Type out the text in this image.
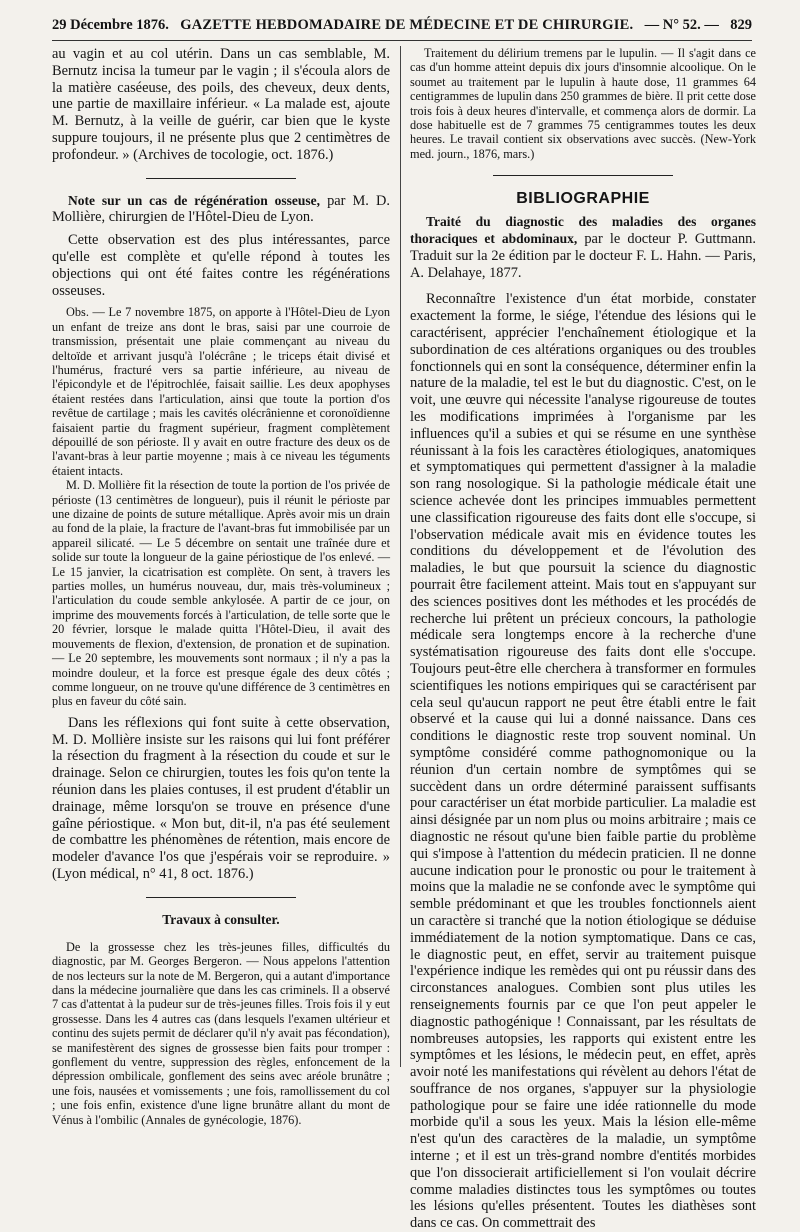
29 Décembre 1876. GAZETTE HEBDOMADAIRE DE MÉDECINE ET DE CHIRURGIE. — N° 52. — 829

au vagin et au col utérin. Dans un cas semblable, M. Bernutz incisa la tumeur par le vagin ; il s'écoula alors de la matière caséeuse, des poils, des cheveux, deux dents, une partie de maxillaire inférieur. « La malade est, ajoute M. Bernutz, à la veille de guérir, car bien que le kyste suppure toujours, il ne présente plus que 2 centimètres de profondeur. » (Archives de tocologie, oct. 1876.)

Note sur un cas de régénération osseuse, par M. D. Mollière, chirurgien de l'Hôtel-Dieu de Lyon.

Cette observation est des plus intéressantes, parce qu'elle est complète et qu'elle répond à toutes les objections qui ont été faites contre les régénérations osseuses.

Obs. — Le 7 novembre 1875, on apporte à l'Hôtel-Dieu de Lyon un enfant de treize ans dont le bras, saisi par une courroie de transmission, présentait une plaie commençant au niveau du deltoïde et arrivant jusqu'à l'olécrâne ; le triceps était divisé et l'humérus, fracturé vers sa partie inférieure, au niveau de l'épicondyle et de l'épitrochlée, faisait saillie. Les deux apophyses étaient restées dans l'articulation, ainsi que toute la portion d'os revêtue de cartilage ; mais les cavités olécrânienne et coronoïdienne faisaient partie du fragment supérieur, fragment complètement dépouillé de son périoste. Il y avait en outre fracture des deux os de l'avant-bras à leur partie moyenne ; mais à ce niveau les téguments étaient intacts.

M. D. Mollière fit la résection de toute la portion de l'os privée de périoste (13 centimètres de longueur), puis il réunit le périoste par une dizaine de points de suture métallique. Après avoir mis un drain au fond de la plaie, la fracture de l'avant-bras fut immobilisée par un appareil silicaté. — Le 5 décembre on sentait une traînée dure et solide sur toute la longueur de la gaine périostique de l'os enlevé. — Le 15 janvier, la cicatrisation est complète. On sent, à travers les parties molles, un humérus nouveau, dur, mais très-volumineux ; l'articulation du coude semble ankylosée. A partir de ce jour, on imprime des mouvements forcés à l'articulation, de telle sorte que le 20 février, lorsque le malade quitta l'Hôtel-Dieu, il avait des mouvements de flexion, d'extension, de pronation et de supination. — Le 20 septembre, les mouvements sont normaux ; il n'y a pas la moindre douleur, et la force est presque égale des deux côtés ; comme longueur, on ne trouve qu'une différence de 3 centimètres en plus en faveur du côté sain.

Dans les réflexions qui font suite à cette observation, M. D. Mollière insiste sur les raisons qui lui font préférer la résection du fragment à la résection du coude et sur le drainage. Selon ce chirurgien, toutes les fois qu'on tente la réunion dans les plaies contuses, il est prudent d'établir un drainage, même lorsqu'on se trouve en présence d'une gaîne périostique. « Mon but, dit-il, n'a pas été seulement de combattre les phénomènes de rétention, mais encore de modeler d'avance l'os que j'espérais voir se reproduire. » (Lyon médical, n° 41, 8 oct. 1876.)

Travaux à consulter.

De la grossesse chez les très-jeunes filles, difficultés du diagnostic, par M. Georges Bergeron. — Nous appelons l'attention de nos lecteurs sur la note de M. Bergeron, qui a autant d'importance dans la médecine journalière que dans les cas criminels. Il a observé 7 cas d'attentat à la pudeur sur de très-jeunes filles. Trois fois il y eut grossesse. Dans les 4 autres cas (dans lesquels l'examen ultérieur et continu des sujets permit de déclarer qu'il n'y avait pas fécondation), se manifestèrent des signes de grossesse bien faits pour tromper : gonflement du ventre, suppression des règles, enfoncement de la dépression ombilicale, gonflement des seins avec aréole brunâtre ; une fois, nausées et vomissements ; une fois, ramollissement du col ; une fois enfin, existence d'une ligne brunâtre allant du mont de Vénus à l'ombilic (Annales de gynécologie, 1876).

Traitement du délirium tremens par le lupulin. — Il s'agit dans ce cas d'un homme atteint depuis dix jours d'insomnie alcoolique. On le soumet au traitement par le lupulin à haute dose, 11 grammes 64 centigrammes de lupulin dans 250 grammes de bière. Il prit cette dose trois fois à deux heures d'intervalle, et commença alors de dormir. La dose habituelle est de 7 grammes 75 centigrammes toutes les deux heures. Le travail contient six observations avec succès. (New-York med. journ., 1876, mars.)

BIBLIOGRAPHIE

Traité du diagnostic des maladies des organes thoraciques et abdominaux, par le docteur P. Guttmann. Traduit sur la 2e édition par le docteur F. L. Hahn. — Paris, A. Delahaye, 1877.

Reconnaître l'existence d'un état morbide, constater exactement la forme, le siége, l'étendue des lésions qui le caractérisent, apprécier l'enchaînement étiologique et la subordination de ces altérations organiques ou des troubles fonctionnels qui en sont la conséquence, déterminer enfin la nature de la maladie, tel est le but du diagnostic. C'est, on le voit, une œuvre qui nécessite l'analyse rigoureuse de toutes les modifications imprimées à l'organisme par les influences qu'il a subies et qui se résume en une synthèse réunissant à la fois les caractères étiologiques, anatomiques et symptomatiques qui permettent d'assigner à la maladie son rang nosologique. Si la pathologie médicale était une science achevée dont les principes immuables permettent une classification rigoureuse des faits dont elle s'occupe, si l'observation médicale avait mis en évidence toutes les conditions du développement et de l'évolution des maladies, le but que poursuit la science du diagnostic pourrait être facilement atteint. Mais tout en s'appuyant sur des sciences positives dont les méthodes et les procédés de recherche lui prêtent un précieux concours, la pathologie médicale sera longtemps encore à la recherche d'une systématisation rigoureuse des faits dont elle s'occupe. Toujours peut-être elle cherchera à transformer en formules scientifiques les notions empiriques qui se caractérisent par cela seul qu'aucun rapport ne peut être établi entre le fait observé et la cause qui lui a donné naissance. Dans ces conditions le diagnostic reste trop souvent nominal. Un symptôme considéré comme pathognomonique ou la réunion d'un certain nombre de symptômes qui se succèdent dans un ordre déterminé paraissent suffisants pour caractériser un état morbide particulier. La maladie est ainsi désignée par un nom plus ou moins arbitraire ; mais ce diagnostic ne résout qu'une bien faible partie du problème qui s'impose à l'attention du médecin praticien. Il ne donne aucune indication pour le pronostic ou pour le traitement à moins que la maladie ne se confonde avec le symptôme qui semble prédominant et que les troubles fonctionnels aient un caractère si tranché que la notion étiologique se déduise immédiatement de la notion symptomatique. Dans ce cas, le diagnostic peut, en effet, servir au traitement puisque l'expérience indique les remèdes qui ont pu réussir dans des circonstances analogues. Combien sont plus utiles les renseignements fournis par ce que l'on peut appeler le diagnostic pathogénique ! Connaissant, par les résultats de nombreuses autopsies, les rapports qui existent entre les symptômes et les lésions, le médecin peut, en effet, après avoir noté les manifestations qui révèlent au dehors l'état de souffrance de nos organes, s'appuyer sur la physiologie pathologique pour se faire une idée rationnelle du mode morbide qu'il a sous les yeux. Mais la lésion elle-même n'est qu'un des caractères de la maladie, un symptôme interne ; et il est un très-grand nombre d'entités morbides que l'on dissocierait artificiellement si l'on voulait décrire comme maladies distinctes tous les symptômes ou toutes les lésions qu'elles présentent. Toutes les diathèses sont dans ce cas. On commettrait des
